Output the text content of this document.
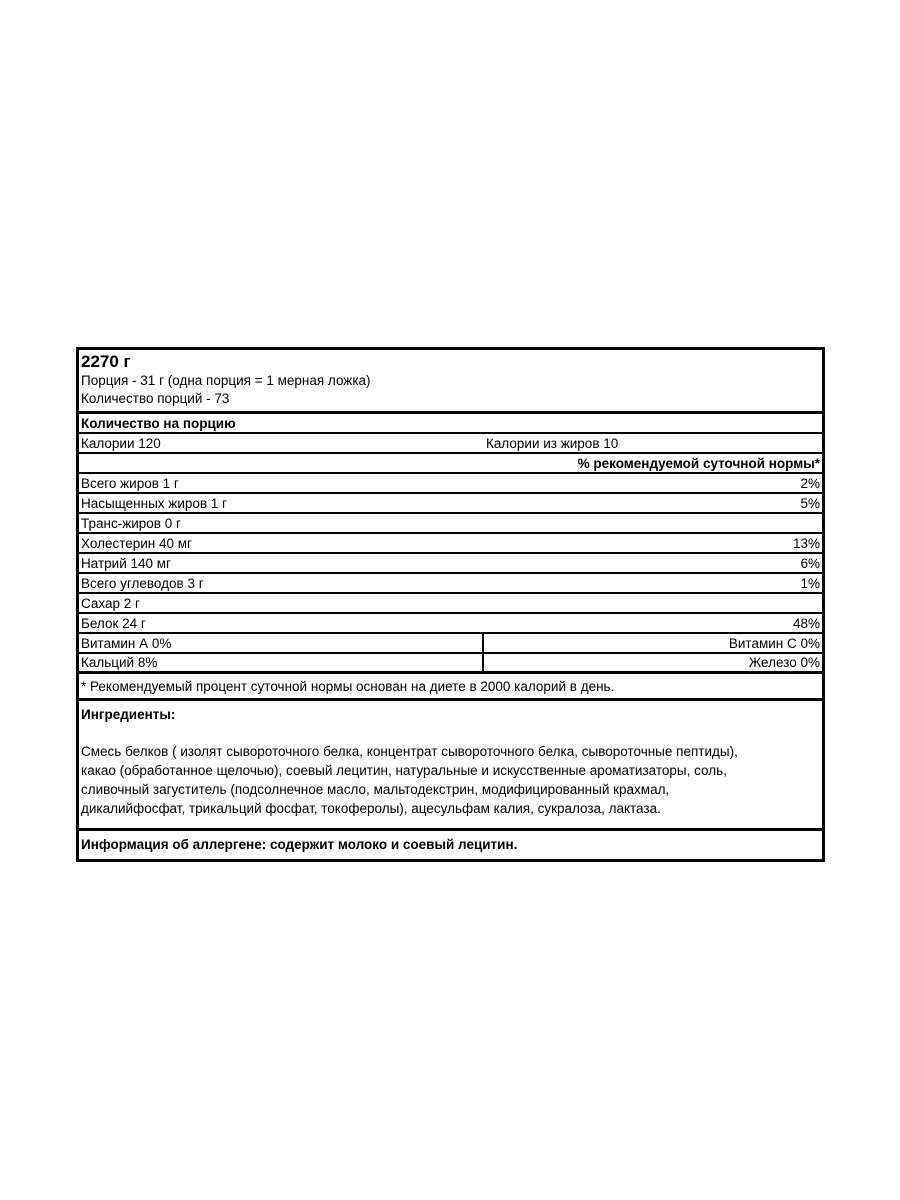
2270 г
Порция - 31 г (одна порция = 1 мерная ложка)
Количество порций - 73
Количество на порцию
Калории 120	Калории из жиров 10
% рекомендуемой суточной нормы*
Всего жиров 1 г	2%
Насыщенных жиров 1 г	5%
Транс-жиров 0 г
Холестерин 40 мг	13%
Натрий 140 мг	6%
Всего углеводов 3 г	1%
Сахар 2 г
Белок 24 г	48%
Витамин А 0%	Витамин С 0%
Кальций 8%	Железо 0%
* Рекомендуемый процент суточной нормы основан на диете в 2000 калорий в день.
Ингредиенты:
Смесь белков ( изолят сывороточного белка, концентрат сывороточного белка, сывороточные пептиды),
какао (обработанное щелочью), соевый лецитин, натуральные и искусственные ароматизаторы, соль,
сливочный загуститель (подсолнечное масло, мальтодекстрин, модифицированный крахмал,
дикалийфосфат, трикальций фосфат, токоферолы), ацесульфам калия, сукралоза, лактаза.
Информация об аллергене: содержит молоко и соевый лецитин.
